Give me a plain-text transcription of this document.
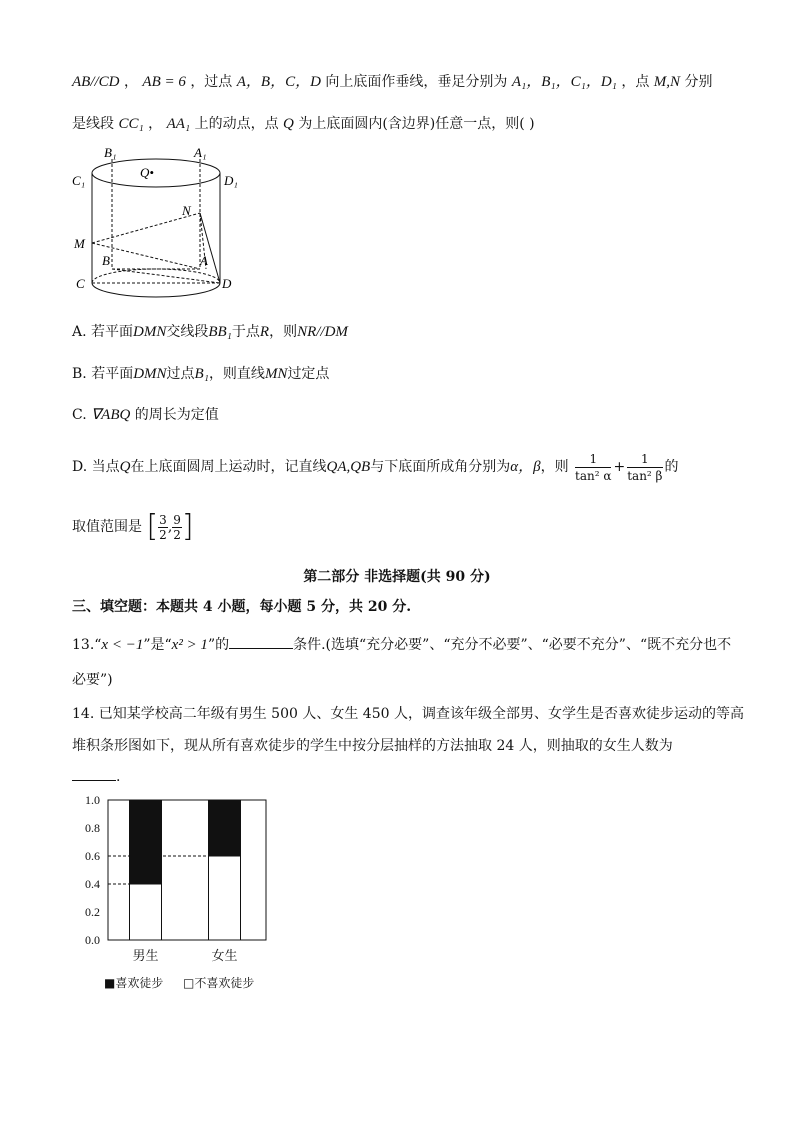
AB//CD ， AB = 6 ，过点 A，B，C，D 向上底面作垂线，垂足分别为 A₁，B₁，C₁，D₁ ，点 M,N 分别
是线段 CC₁ ， AA₁ 上的动点，点 Q 为上底面圆内(含边界)任意一点，则( )
B₁	A₁
C₁	D₁
Q•
N
M
B	A
C	D
A. 若平面DMN交线段BB₁于点R，则NR//DM
B. 若平面DMN过点B₁，则直线MN过定点
C. ∇ABQ 的周长为定值
D. 当点Q在上底面圆周上运动时，记直线QA,QB与下底面所成角分别为α，β，则 $\frac{1}{\text{tan² α}} + \frac{1}{\text{tan² β}}$ 的
取值范围是 [ $\frac{3}{2}$ , $\frac{9}{2}$ ]
第二部分 非选择题(共 90 分)
三、填空题：本题共 4 小题，每小题 5 分，共 20 分.
13.“x < −1”是“x² > 1”的	条件.(选填“充分必要”、“充分不必要”、“必要不充分”、“既不充分也不
必要”)
14. 已知某学校高二年级有男生 500 人、女生 450 人，调查该年级全部男、女学生是否喜欢徒步运动的等高
堆积条形图如下，现从所有喜欢徒步的学生中按分层抽样的方法抽取 24 人，则抽取的女生人数为
.
0.0
0.2
0.4
0.6
0.8
1.0
男生	女生
■喜欢徒步 □不喜欢徒步
